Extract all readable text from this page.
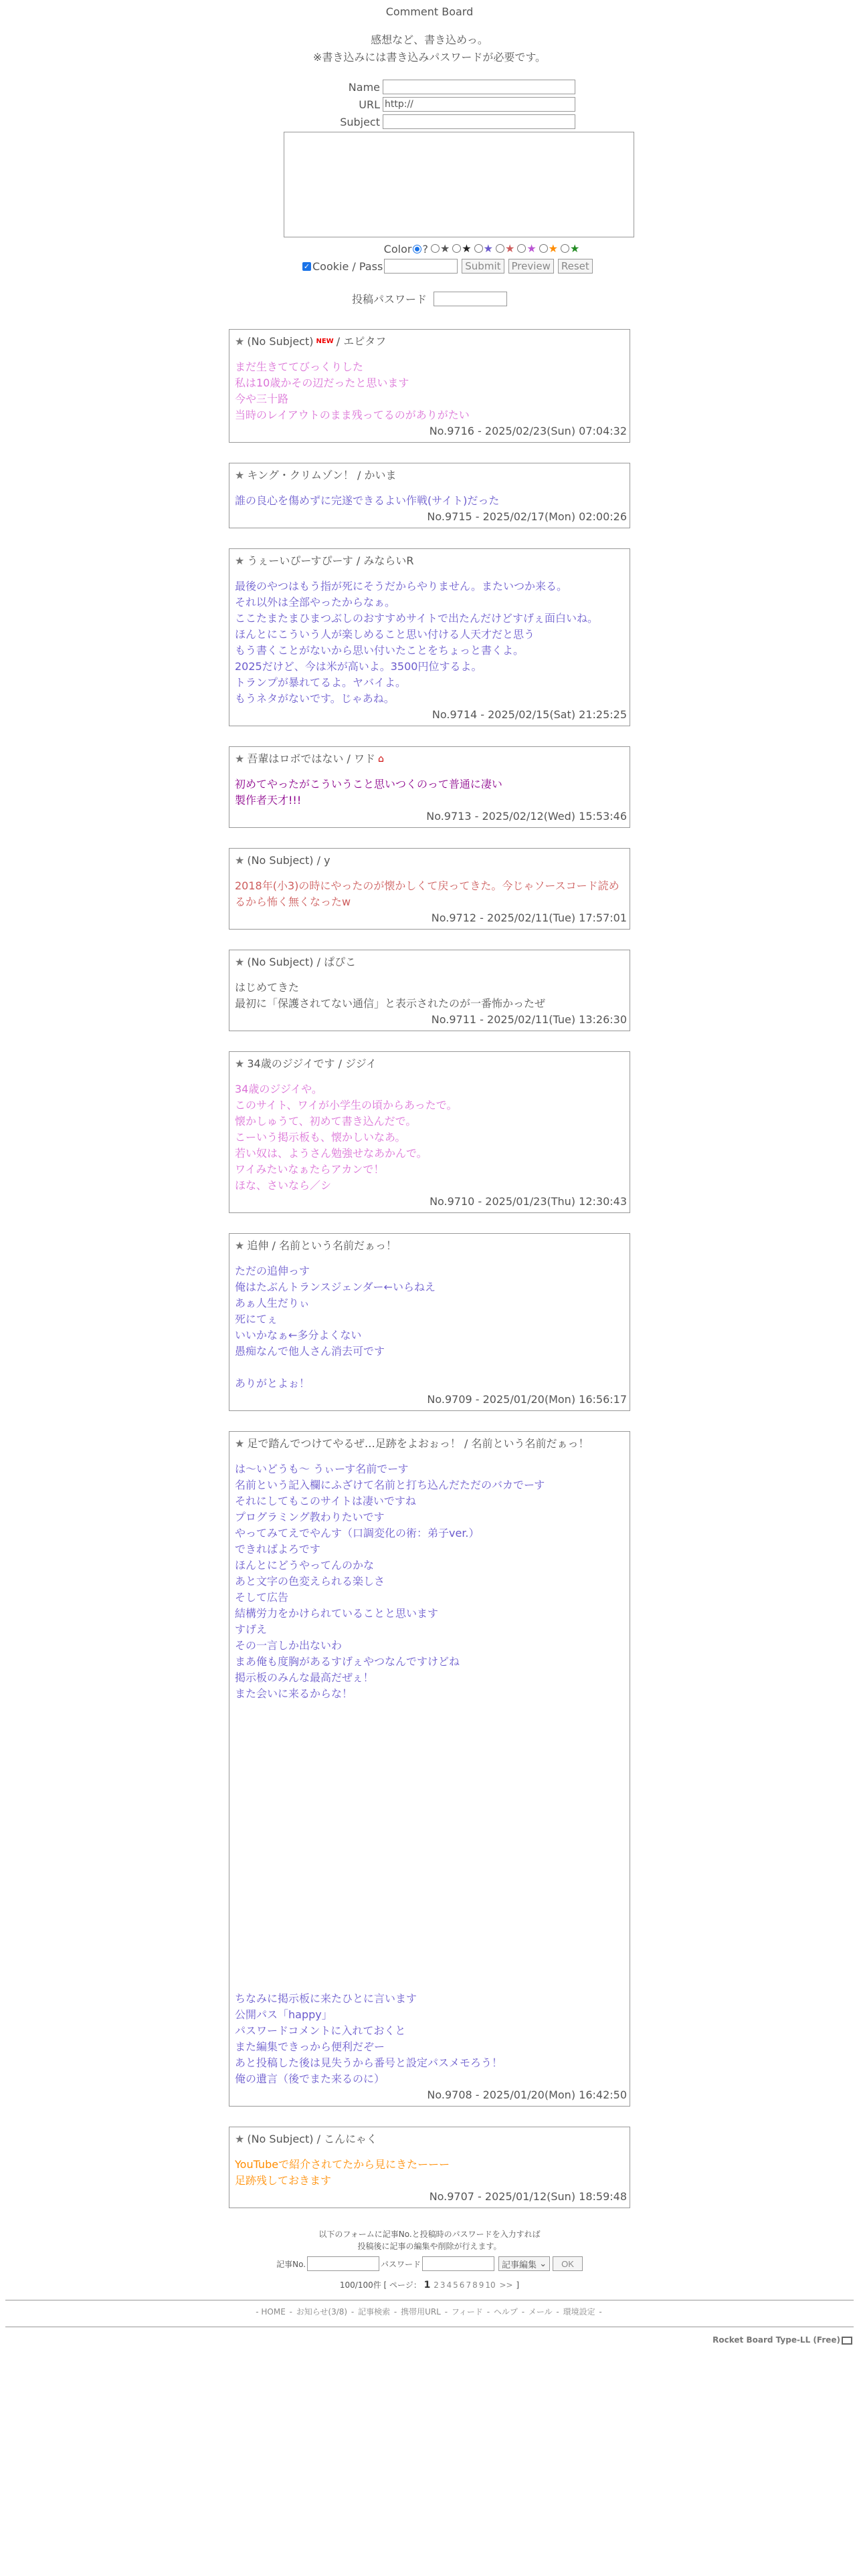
Comment Board
感想など、書き込めっ。
※書き込みには書き込みパスワードが必要です。
Name
URL
http://
Subject
Color ? ★ ★ ★ ★ ★ ★ ★
✓ Cookie / Pass	Submit	Preview	Reset
投稿パスワード
★ (No Subject) NEW / エピタフ
まだ生きててびっくりした
私は10歳かその辺だったと思います
今や三十路
当時のレイアウトのまま残ってるのがありがたい
No.9716 - 2025/02/23(Sun) 07:04:32
★ キング・クリムゾン！
/ かいま
誰の良心を傷めずに完遂できるよい作戦(サイト)だった
No.9715 - 2025/02/17(Mon) 02:00:26
★ うぇーいぴーすぴーす
/ みならいR
最後のやつはもう指が死にそうだからやりません。またいつか来る。
それ以外は全部やったからなぁ。
ここたまたまひまつぶしのおすすめサイトで出たんだけどすげぇ面白いね。
ほんとにこういう人が楽しめること思い付ける人天才だと思う
もう書くことがないから思い付いたことをちょっと書くよ。
2025だけど、今は米が高いよ。3500円位するよ。
トランプが暴れてるよ。ヤバイよ。
もうネタがないです。じゃあね。
No.9714 - 2025/02/15(Sat) 21:25:25
★ 吾輩はロボではない
/ ワド ⌂
初めてやったがこういうこと思いつくのって普通に凄い
製作者天才!!!
No.9713 - 2025/02/12(Wed) 15:53:46
★ (No Subject)
/ y
2018年(小3)の時にやったのが懐かしくて戻ってきた。今じゃソースコード読めるから怖く無くなったw
No.9712 - 2025/02/11(Tue) 17:57:01
★ (No Subject)
/ ぱぴこ
はじめてきた
最初に「保護されてない通信」と表示されたのが一番怖かったぜ
No.9711 - 2025/02/11(Tue) 13:26:30
★ 34歳のジジイです
/ ジジイ
34歳のジジイや。
このサイト、ワイが小学生の頃からあったで。
懐かしゅうて、初めて書き込んだで。
こーいう掲示板も、懐かしいなあ。
若い奴は、ようさん勉強せなあかんで。
ワイみたいなぁたらアカンで！
ほな、さいなら／シ
No.9710 - 2025/01/23(Thu) 12:30:43
★ 追伸
/ 名前という名前だぁっ！
ただの追伸っす
俺はたぶんトランスジェンダー←いらねえ
あぁ人生だりぃ
死にてぇ
いいかなぁ←多分よくない
愚痴なんで他人さん消去可です
ありがとよぉ！
No.9709 - 2025/01/20(Mon) 16:56:17
★ 足で踏んでつけてやるぜ…足跡をよおぉっ！
/ 名前という名前だぁっ！
は～いどうも～ うぃーす名前でーす
名前という記入欄にふざけて名前と打ち込んだただのバカでーす
それにしてもこのサイトは凄いですね
プログラミング教わりたいです
やってみてえでやんす（口調変化の術：弟子ver.）
できればよろです
ほんとにどうやってんのかな
あと文字の色変えられる楽しさ
そして広告
結構労力をかけられていることと思います
すげえ
その一言しか出ないわ
まあ俺も度胸があるすげぇやつなんですけどね
掲示板のみんな最高だぜぇ！
また会いに来るからな！
ちなみに掲示板に来たひとに言います
公開パス「happy」
パスワードコメントに入れておくと
また編集できっから便利だぞー
あと投稿した後は見失うから番号と設定パスメモろう！
俺の遺言（後でまた来るのに）
No.9708 - 2025/01/20(Mon) 16:42:50
★ (No Subject)
/ こんにゃく
YouTubeで紹介されてたから見にきたーーー
足跡残しておきます
No.9707 - 2025/01/12(Sun) 18:59:48
以下のフォームに記事No.と投稿時のパスワードを入力すれば
投稿後に記事の編集や削除が行えます。
記事No.	パスワード	記事編集 ⌄	OK
100/100件 [ ページ： 1 2 3 4 5 6 7 8 9 10 >> ]
- HOME - お知らせ(3/8) - 記事検索 - 携帯用URL - フィード - ヘルプ - メール - 環境設定 -
Rocket Board Type-LL (Free)
